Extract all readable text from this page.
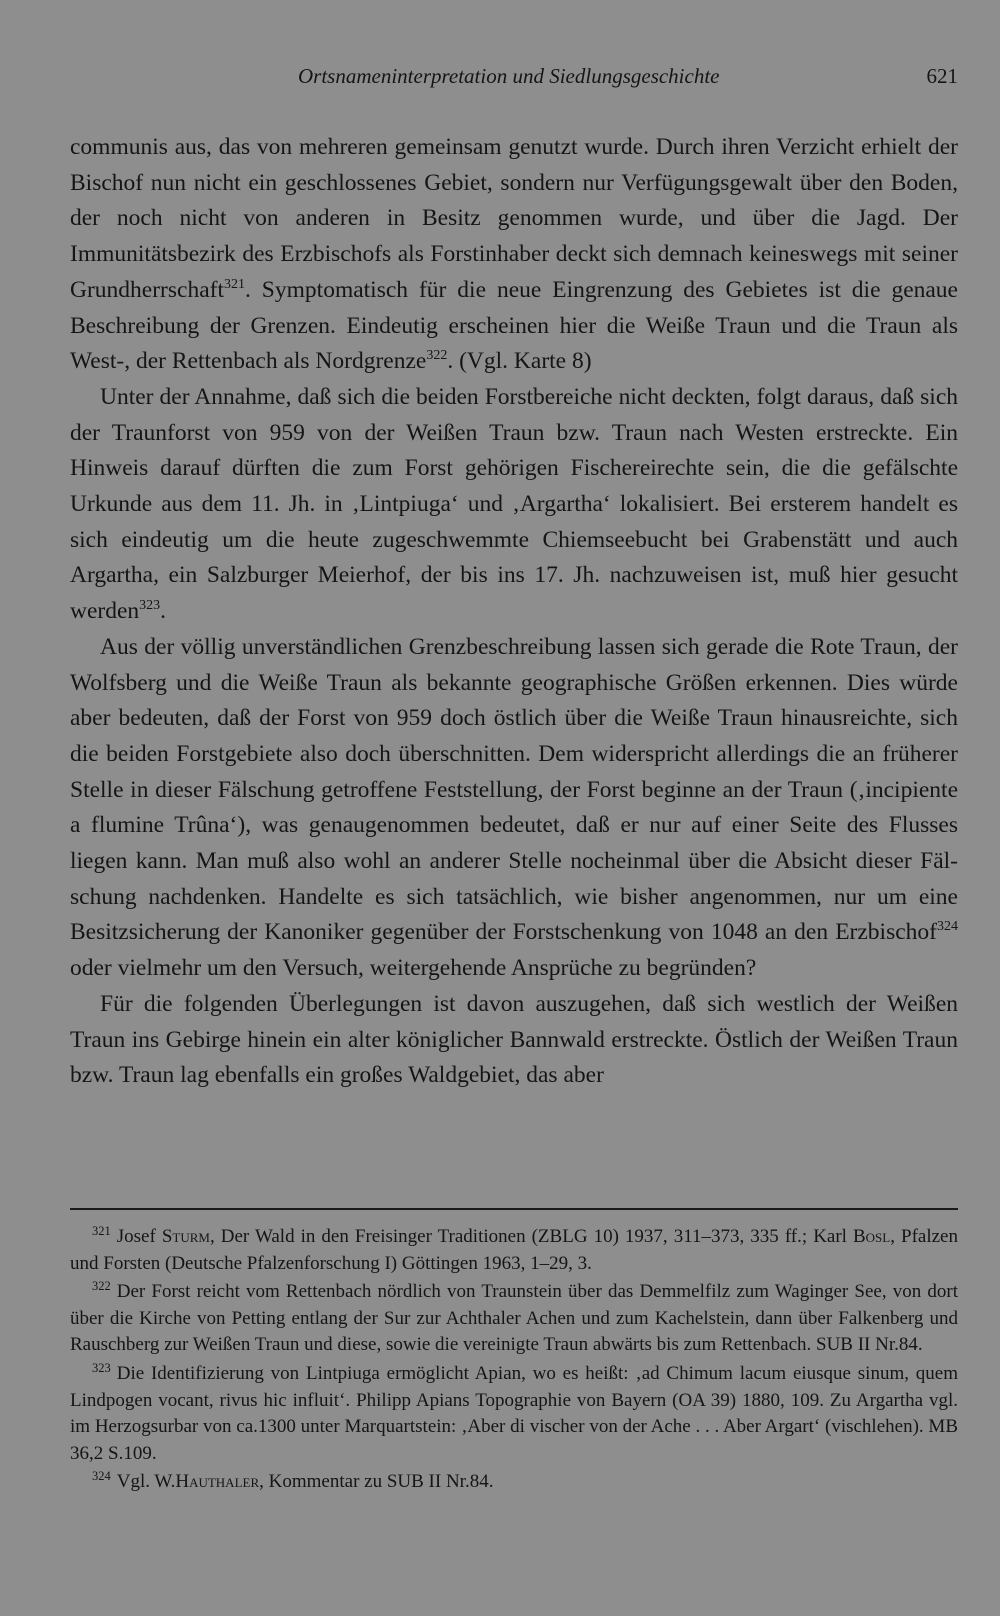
Ortsnameninterpretation und Siedlungsgeschichte	621

communis aus, das von mehreren gemeinsam genutzt wurde. Durch ihren Verzicht erhielt der Bischof nun nicht ein geschlossenes Gebiet, sondern nur Verfügungsgewalt über den Boden, der noch nicht von anderen in Besitz genommen wurde, und über die Jagd. Der Immunitätsbezirk des Erzbischofs als Forstinhaber deckt sich demnach keineswegs mit seiner Grundherrschaft$^{321}$. Symptomatisch für die neue Eingrenzung des Gebietes ist die genaue Beschreibung der Grenzen. Eindeutig erscheinen hier die Weiße Traun und die Traun als West-, der Rettenbach als Nordgrenze$^{322}$. (Vgl. Karte 8)

Unter der Annahme, daß sich die beiden Forstbereiche nicht deckten, folgt daraus, daß sich der Traunforst von 959 von der Weißen Traun bzw. Traun nach Westen erstreckte. Ein Hinweis darauf dürften die zum Forst gehörigen Fischereirechte sein, die die gefälschte Urkunde aus dem 11. Jh. in ‚Lintpiuga‘ und ‚Argartha‘ lokalisiert. Bei ersterem handelt es sich eindeutig um die heute zugeschwemmte Chiemseebucht bei Grabenstätt und auch Argartha, ein Salzburger Meierhof, der bis ins 17. Jh. nachzuweisen ist, muß hier gesucht werden$^{323}$.

Aus der völlig unverständlichen Grenzbeschreibung lassen sich gerade die Rote Traun, der Wolfsberg und die Weiße Traun als bekannte geographische Größen erkennen. Dies würde aber bedeuten, daß der Forst von 959 doch östlich über die Weiße Traun hinausreichte, sich die beiden Forstgebiete also doch überschnitten. Dem widerspricht allerdings die an früherer Stelle in dieser Fälschung getroffene Feststellung, der Forst beginne an der Traun (‚incipiente a flumine Trûna‘), was genaugenommen bedeutet, daß er nur auf einer Seite des Flusses liegen kann. Man muß also wohl an anderer Stelle nocheinmal über die Absicht dieser Fälschung nachdenken. Handelte es sich tatsächlich, wie bisher angenommen, nur um eine Besitzsicherung der Kanoniker gegenüber der Forstschenkung von 1048 an den Erzbischof$^{324}$ oder vielmehr um den Versuch, weitergehende Ansprüche zu begründen?

Für die folgenden Überlegungen ist davon auszugehen, daß sich westlich der Weißen Traun ins Gebirge hinein ein alter königlicher Bannwald erstreckte. Östlich der Weißen Traun bzw. Traun lag ebenfalls ein großes Waldgebiet, das aber

$^{321}$ Josef Sturm, Der Wald in den Freisinger Traditionen (ZBLG 10) 1937, 311–373, 335 ff.; Karl Bosl, Pfalzen und Forsten (Deutsche Pfalzenforschung I) Göttingen 1963, 1–29, 3.

$^{322}$ Der Forst reicht vom Rettenbach nördlich von Traunstein über das Demmelfilz zum Waginger See, von dort über die Kirche von Petting entlang der Sur zur Achthaler Achen und zum Kachelstein, dann über Falkenberg und Rauschberg zur Weißen Traun und diese, sowie die vereinigte Traun abwärts bis zum Rettenbach. SUB II Nr.84.

$^{323}$ Die Identifizierung von Lintpiuga ermöglicht Apian, wo es heißt: ‚ad Chimum lacum eiusque sinum, quem Lindpogen vocant, rivus hic influit‘. Philipp Apians Topographie von Bayern (OA 39) 1880, 109. Zu Argartha vgl. im Herzogsurbar von ca.1300 unter Marquartstein: ‚Aber di vischer von der Ache . . . Aber Argart‘ (vischlehen). MB 36,2 S.109.

$^{324}$ Vgl. W.Hauthaler, Kommentar zu SUB II Nr.84.
